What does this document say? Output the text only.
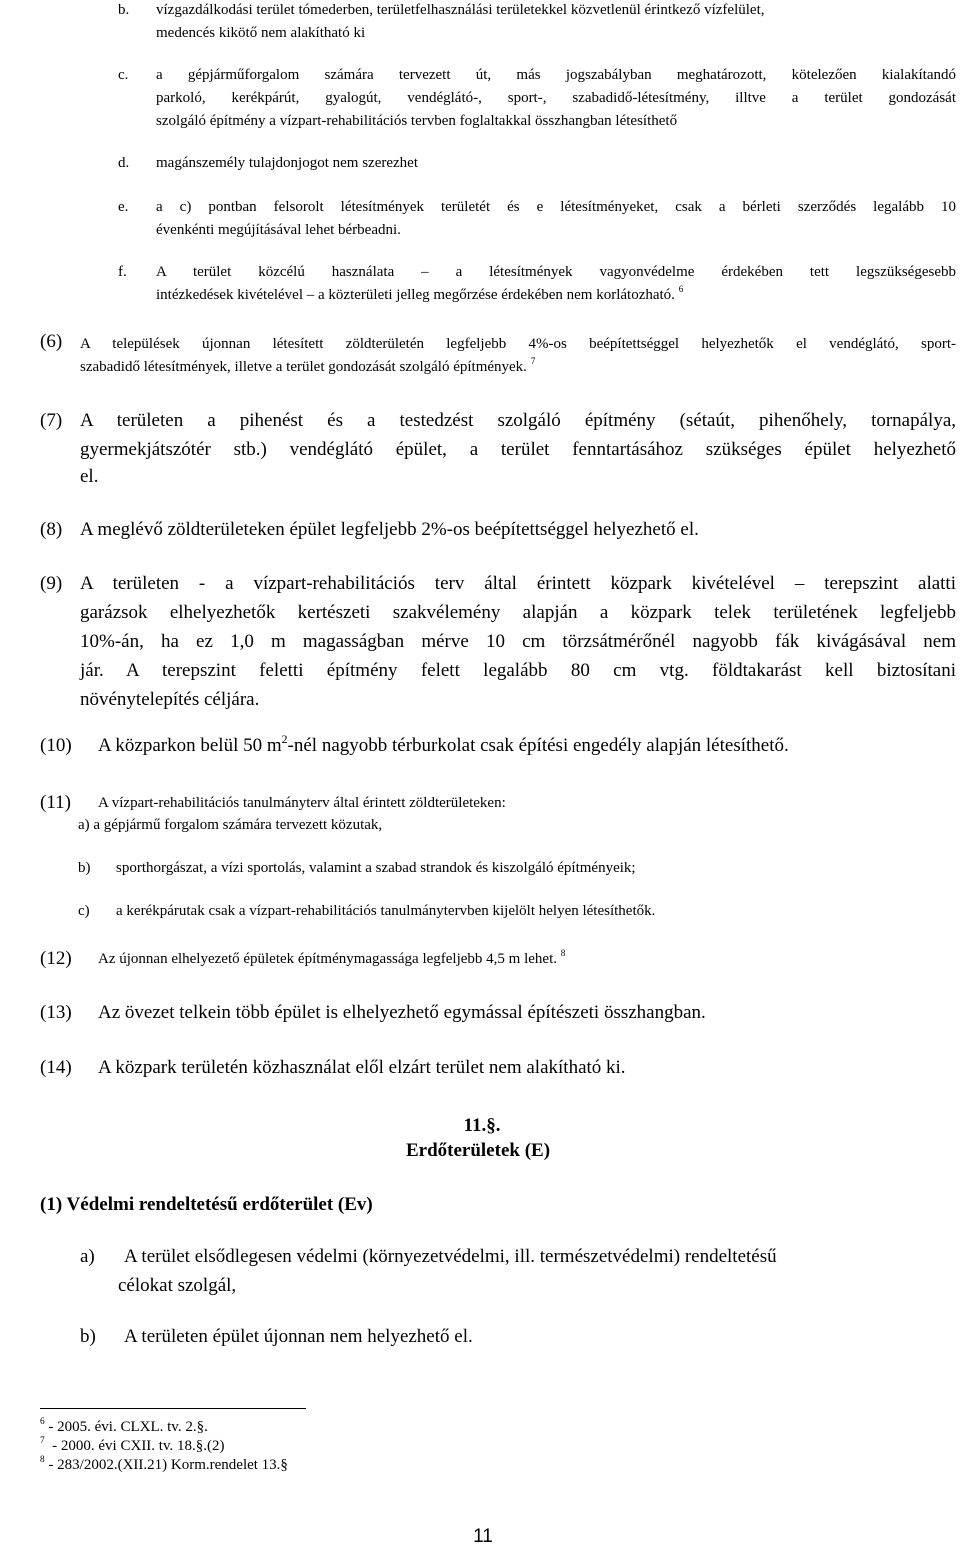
b. vízgazdálkodási terület tómederben, területfelhasználási területekkel közvetlenül érintkező vízfelület,
medencés kikötő nem alakítható ki
c. a gépjárműforgalom számára tervezett út, más jogszabályban meghatározott, kötelezően kialakítandó
parkoló, kerékpárút, gyalogút, vendéglátó-, sport-, szabadidő-létesítmény, illtve a terület gondozását
szolgáló építmény a vízpart-rehabilitációs tervben foglaltakkal összhangban létesíthető
d. magánszemély tulajdonjogot nem szerezhet
e. a c) pontban felsorolt létesítmények területét és e létesítményeket, csak a bérleti szerződés legalább 10
évenkénti megújításával lehet bérbeadni.
f. A terület közcélú használata – a létesítmények vagyonvédelme érdekében tett legszükségesebb
intézkedések kivételével – a közterületi jelleg megőrzése érdekében nem korlátozható. $^6$
(6) A települések újonnan létesített zöldterületén legfeljebb 4%-os beépítettséggel helyezhetők el vendéglátó, sport-
szabadidő létesítmények, illetve a terület gondozását szolgáló építmények. $^7$
(7) A területen a pihenést és a testedzést szolgáló építmény (sétaút, pihenőhely, tornapálya,
gyermekjátszótér stb.) vendéglátó épület, a terület fenntartásához szükséges épület helyezhető
el.
(8) A meglévő zöldterületeken épület legfeljebb 2%-os beépítettséggel helyezhető el.
(9) A területen - a vízpart-rehabilitációs terv által érintett közpark kivételével – terepszint alatti
garázsok elhelyezhetők kertészeti szakvélemény alapján a közpark telek területének legfeljebb
10%-án, ha ez 1,0 m magasságban mérve 10 cm törzsátmérőnél nagyobb fák kivágásával nem
jár. A terepszint feletti építmény felett legalább 80 cm vtg. földtakarást kell biztosítani
növénytelepítés céljára.
(10) A közparkon belül 50 $m^2$-nél nagyobb térburkolat csak építési engedély alapján létesíthető.
(11) A vízpart-rehabilitációs tanulmányterv által érintett zöldterületeken:
a) a gépjármű forgalom számára tervezett közutak,
b) sporthorgászat, a vízi sportolás, valamint a szabad strandok és kiszolgáló építményeik;
c) a kerékpárutak csak a vízpart-rehabilitációs tanulmánytervben kijelölt helyen létesíthetők.
(12) Az újonnan elhelyezető épületek építménymagassága legfeljebb 4,5 m lehet. $^8$
(13) Az övezet telkein több épület is elhelyezhető egymással építészeti összhangban.
(14) A közpark területén közhasználat elől elzárt terület nem alakítható ki.
11.§.
Erdőterületek (E)
(1) Védelmi rendeltetésű erdőterület (Ev)
a)	A terület elsődlegesen védelmi (környezetvédelmi, ill. természetvédelmi) rendeltetésű
célokat szolgál,
b) A területen épület újonnan nem helyezhető el.
$^6$ - 2005. évi. CLXL. tv. 2.§.
$^7$  - 2000. évi CXII. tv. 18.§.(2)
$^8$ - 283/2002.(XII.21) Korm.rendelet 13.§
11
